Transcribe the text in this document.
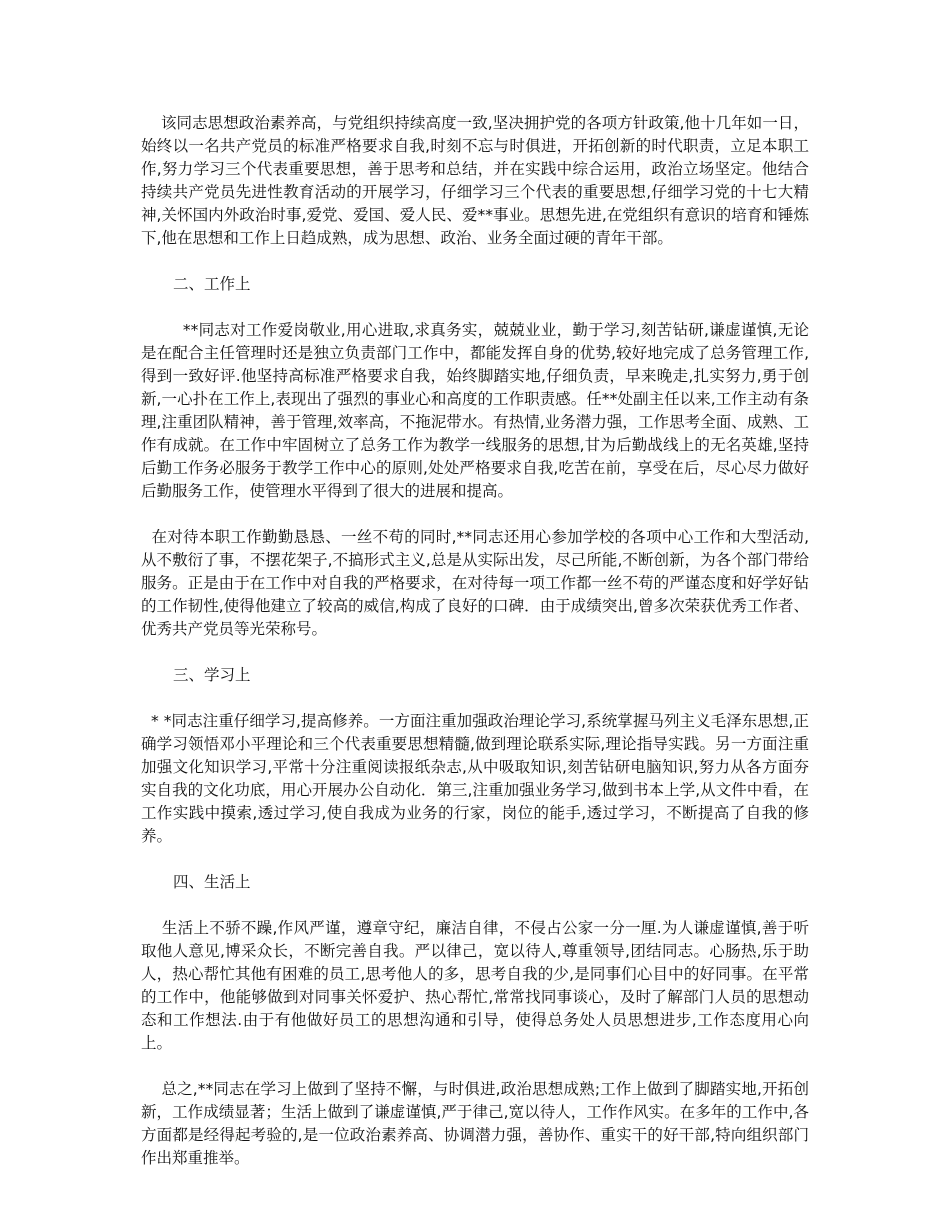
该同志思想政治素养高，与党组织持续高度一致,坚决拥护党的各项方针政策,他十几年如一日，始终以一名共产党员的标准严格要求自我,时刻不忘与时俱进，开拓创新的时代职责，立足本职工作,努力学习三个代表重要思想，善于思考和总结，并在实践中综合运用，政治立场坚定。他结合持续共产党员先进性教育活动的开展学习，仔细学习三个代表的重要思想,仔细学习党的十七大精神,关怀国内外政治时事,爱党、爱国、爱人民、爱**事业。思想先进,在党组织有意识的培育和锤炼下,他在思想和工作上日趋成熟，成为思想、政治、业务全面过硬的青年干部。

二、工作上

**同志对工作爱岗敬业,用心进取,求真务实，兢兢业业，勤于学习,刻苦钻研,谦虚谨慎,无论是在配合主任管理时还是独立负责部门工作中，都能发挥自身的优势,较好地完成了总务管理工作,得到一致好评.他坚持高标准严格要求自我，始终脚踏实地,仔细负责，早来晚走,扎实努力,勇于创新,一心扑在工作上,表现出了强烈的事业心和高度的工作职责感。任**处副主任以来,工作主动有条理,注重团队精神，善于管理,效率高，不拖泥带水。有热情,业务潜力强，工作思考全面、成熟、工作有成就。在工作中牢固树立了总务工作为教学一线服务的思想,甘为后勤战线上的无名英雄,坚持后勤工作务必服务于教学工作中心的原则,处处严格要求自我,吃苦在前，享受在后，尽心尽力做好后勤服务工作，使管理水平得到了很大的进展和提高。

在对待本职工作勤勤恳恳、一丝不苟的同时,**同志还用心参加学校的各项中心工作和大型活动,从不敷衍了事，不摆花架子,不搞形式主义,总是从实际出发，尽己所能,不断创新，为各个部门带给服务。正是由于在工作中对自我的严格要求，在对待每一项工作都一丝不苟的严谨态度和好学好钻的工作韧性,使得他建立了较高的威信,构成了良好的口碑．由于成绩突出,曾多次荣获优秀工作者、优秀共产党员等光荣称号。

三、学习上

* *同志注重仔细学习,提高修养。一方面注重加强政治理论学习,系统掌握马列主义毛泽东思想,正确学习领悟邓小平理论和三个代表重要思想精髓,做到理论联系实际,理论指导实践。另一方面注重加强文化知识学习,平常十分注重阅读报纸杂志,从中吸取知识,刻苦钻研电脑知识,努力从各方面夯实自我的文化功底，用心开展办公自动化．第三,注重加强业务学习,做到书本上学,从文件中看，在工作实践中摸索,透过学习,使自我成为业务的行家，岗位的能手,透过学习，不断提高了自我的修养。

四、生活上

生活上不骄不躁,作风严谨，遵章守纪，廉洁自律，不侵占公家一分一厘.为人谦虚谨慎,善于听取他人意见,博采众长，不断完善自我。严以律己，宽以待人,尊重领导,团结同志。心肠热,乐于助人，热心帮忙其他有困难的员工,思考他人的多，思考自我的少,是同事们心目中的好同事。在平常的工作中，他能够做到对同事关怀爱护、热心帮忙,常常找同事谈心，及时了解部门人员的思想动态和工作想法.由于有他做好员工的思想沟通和引导，使得总务处人员思想进步,工作态度用心向上。

总之,**同志在学习上做到了坚持不懈，与时俱进,政治思想成熟;工作上做到了脚踏实地,开拓创新，工作成绩显著；生活上做到了谦虚谨慎,严于律己,宽以待人，工作作风实。在多年的工作中,各方面都是经得起考验的,是一位政治素养高、协调潜力强，善协作、重实干的好干部,特向组织部门作出郑重推举。
